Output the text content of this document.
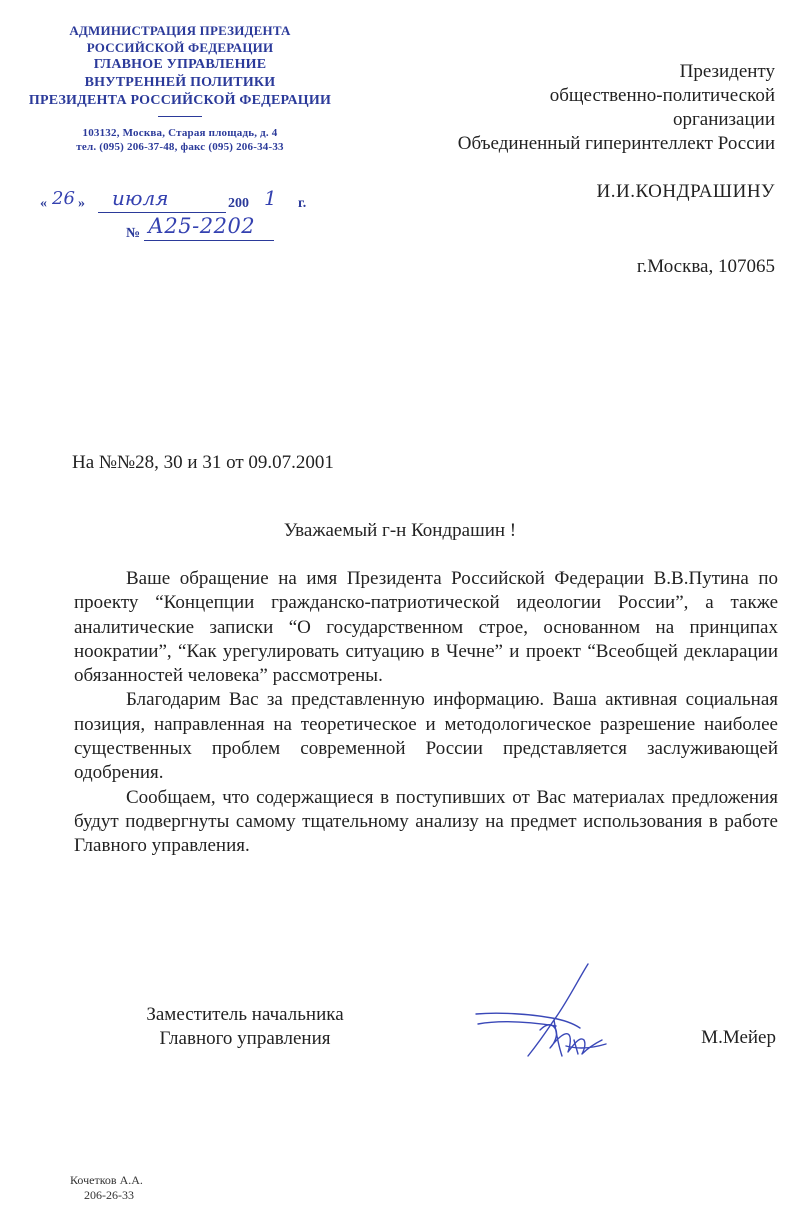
АДМИНИСТРАЦИЯ ПРЕЗИДЕНТА
РОССИЙСКОЙ ФЕДЕРАЦИИ
ГЛАВНОЕ УПРАВЛЕНИЕ
ВНУТРЕННЕЙ ПОЛИТИКИ
ПРЕЗИДЕНТА РОССИЙСКОЙ ФЕДЕРАЦИИ
103132, Москва, Старая площадь, д. 4
тел. (095) 206-37-48, факс (095) 206-34-33
« 26 » июля	200 1 г.
№ А25-2202
Президенту
общественно-политической
организации
Объединенный гиперинтеллект России
И.И.КОНДРАШИНУ
г.Москва, 107065
На №№28, 30 и 31 от 09.07.2001
Уважаемый г-н Кондрашин !

Ваше обращение на имя Президента Российской Федерации В.В.Путина по проекту “Концепции гражданско-патриотической идеологии России”, а также аналитические записки “О государственном строе, основанном на принципах ноократии”, “Как урегулировать ситуацию в Чечне” и проект “Всеобщей декларации обязанностей человека” рассмотрены.

Благодарим Вас за представленную информацию. Ваша активная социальная позиция, направленная на теоретическое и методологическое разрешение наиболее существенных проблем современной России представляется заслуживающей одобрения.

Сообщаем, что содержащиеся в поступивших от Вас материалах предложения будут подвергнуты самому тщательному анализу на предмет использования в работе Главного управления.

Заместитель начальника
Главного управления	М.Мейер
Кочетков А.А.
206-26-33
